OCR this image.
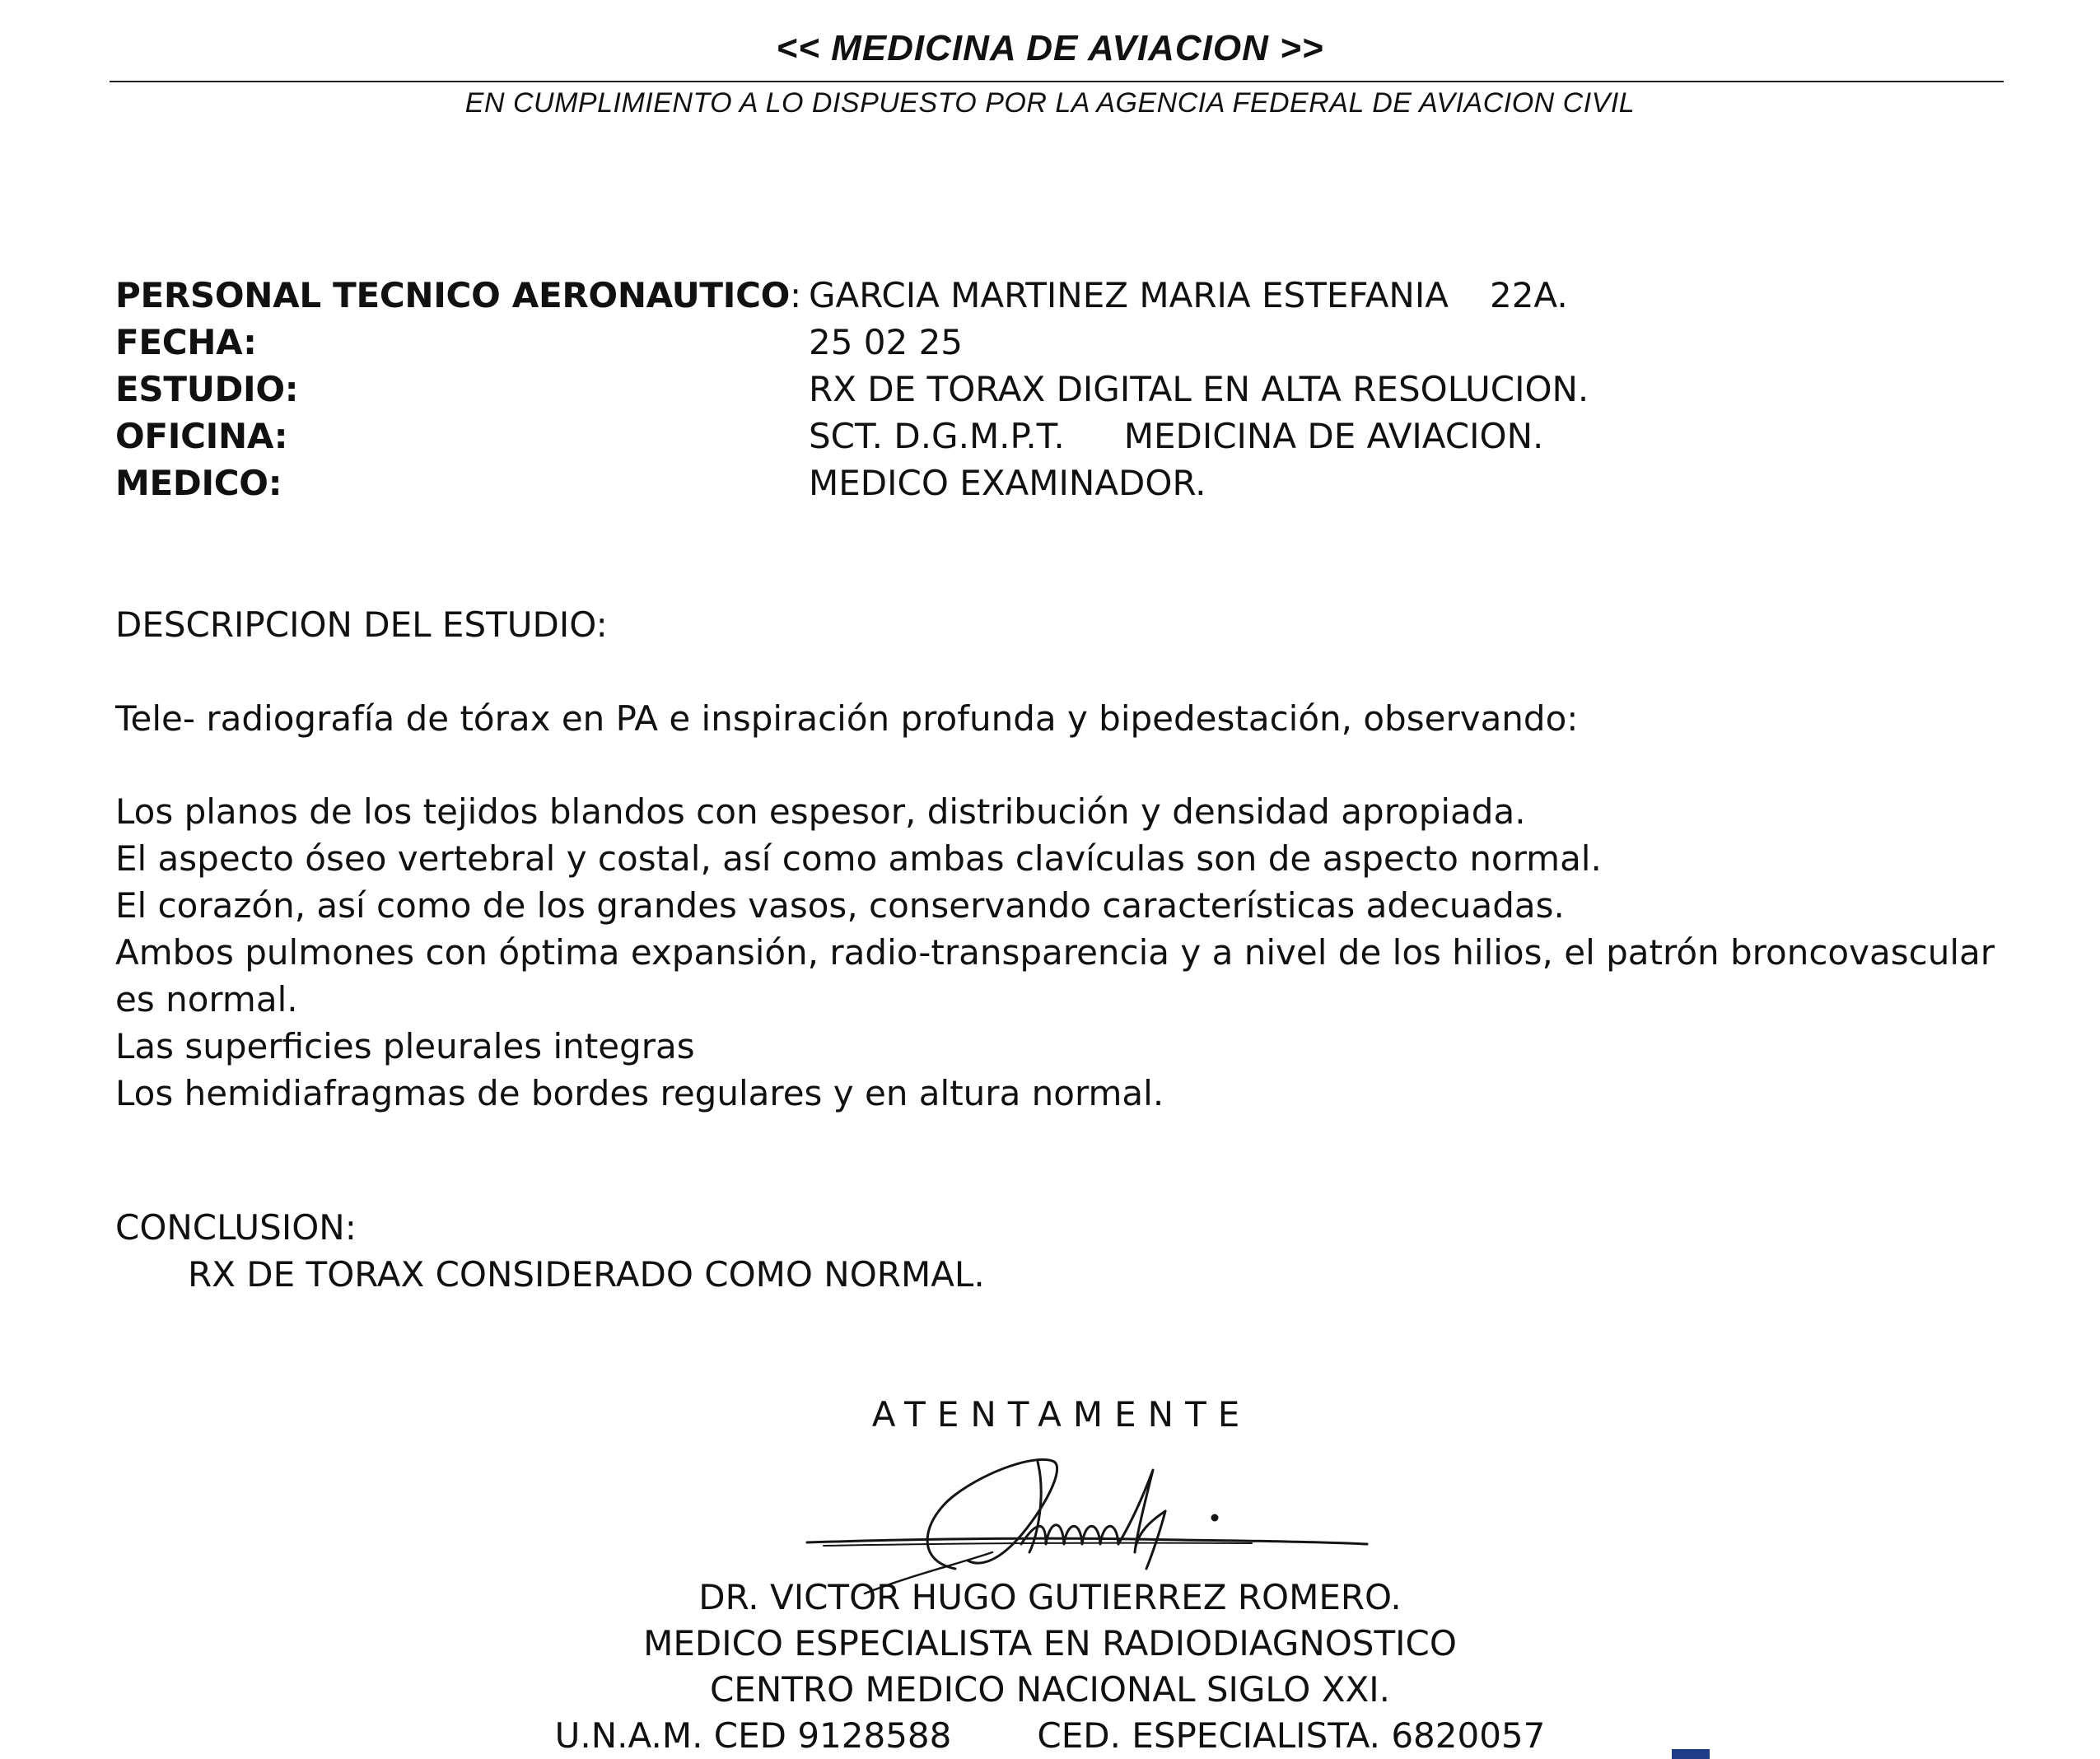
<< MEDICINA DE AVIACION >>
EN CUMPLIMIENTO A LO DISPUESTO POR LA AGENCIA FEDERAL DE AVIACION CIVIL
PERSONAL TECNICO AERONAUTICO: GARCIA MARTINEZ MARIA ESTEFANIA 22A.
FECHA:	25 02 25
ESTUDIO:	RX DE TORAX DIGITAL EN ALTA RESOLUCION.
OFICINA:	SCT. D.G.M.P.T. MEDICINA DE AVIACION.
MEDICO:	MEDICO EXAMINADOR.
DESCRIPCION DEL ESTUDIO:
Tele- radiografía de tórax en PA e inspiración profunda y bipedestación, observando:

Los planos de los tejidos blandos con espesor, distribución y densidad apropiada.

El aspecto óseo vertebral y costal, así como ambas clavículas son de aspecto normal.

El corazón, así como de los grandes vasos, conservando características adecuadas.

Ambos pulmones con óptima expansión, radio-transparencia y a nivel de los hilios, el patrón broncovascular es normal.

Las superficies pleurales integras

Los hemidiafragmas de bordes regulares y en altura normal.

CONCLUSION:
RX DE TORAX CONSIDERADO COMO NORMAL.
ATENTAMENTE
DR. VICTOR HUGO GUTIERREZ ROMERO.
MEDICO ESPECIALISTA EN RADIODIAGNOSTICO
CENTRO MEDICO NACIONAL SIGLO XXI.
U.N.A.M. CED 9128588 CED. ESPECIALISTA. 6820057
